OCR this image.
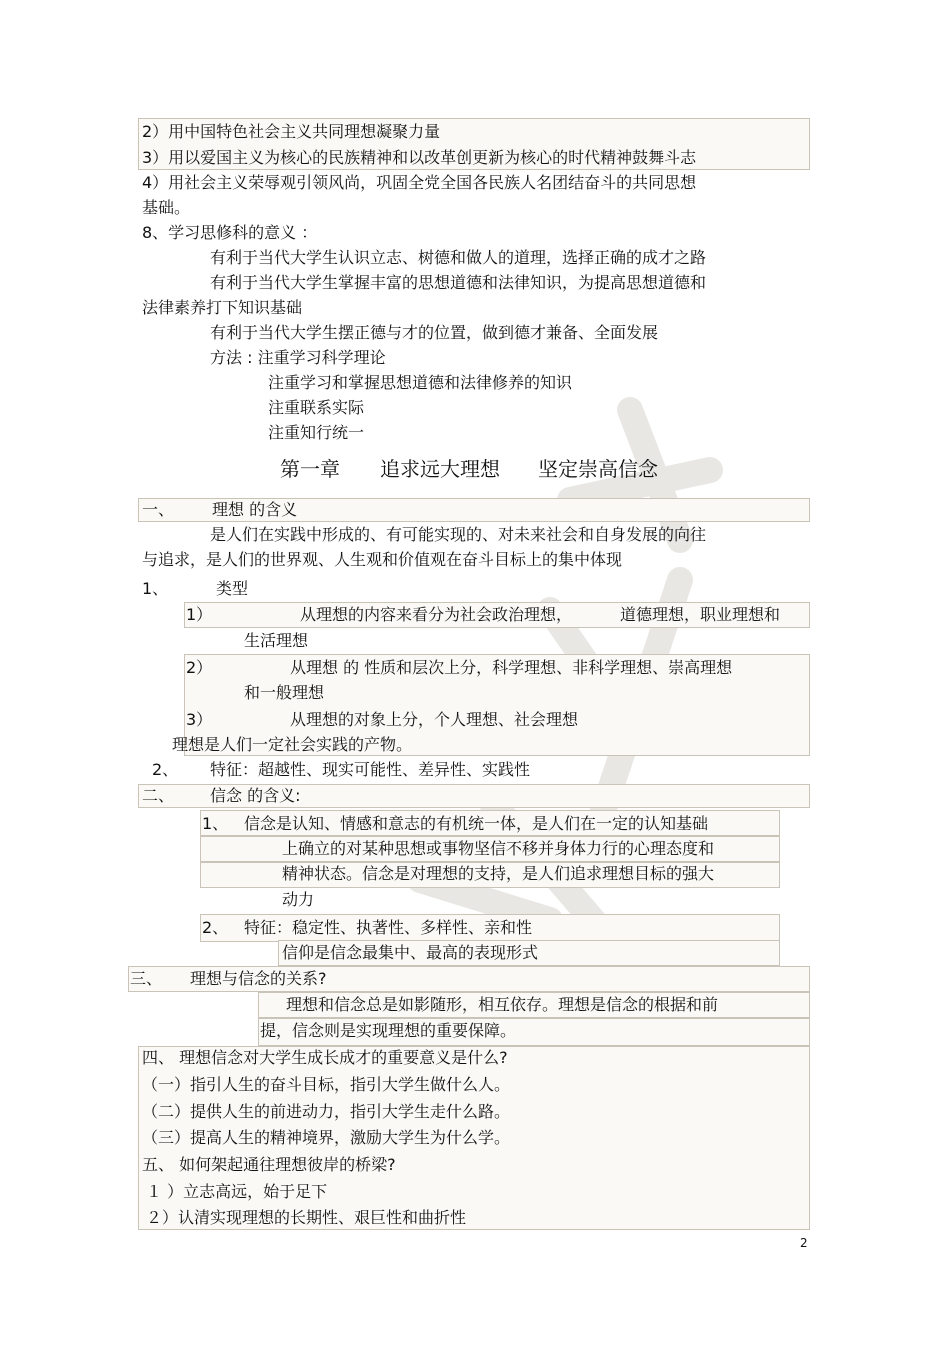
2）用中国特色社会主义共同理想凝聚力量
3）用以爱国主义为核心的民族精神和以改革创更新为核心的时代精神鼓舞斗志
4）用社会主义荣辱观引领风尚，巩固全党全国各民族人名团结奋斗的共同思想
基础。
8、学习思修科的意义 ：
有利于当代大学生认识立志、树德和做人的道理，选择正确的成才之路
有利于当代大学生掌握丰富的思想道德和法律知识，为提高思想道德和
法律素养打下知识基础
有利于当代大学生摆正德与才的位置，做到德才兼备、全面发展
方法 : 注重学习科学理论
注重学习和掌握思想道德和法律修养的知识
注重联系实际
注重知行统一
第一章 追求远大理想 坚定崇高信念
一、 理想 的含义
是人们在实践中形成的、有可能实现的、对未来社会和自身发展的向往
与追求，是人们的世界观、人生观和价值观在奋斗目标上的集中体现
1、	类型
1）	从理想的内容来看分为社会政治理想，	道德理想，职业理想和
生活理想
2）	从理想 的 性质和层次上分，科学理想、非科学理想、崇高理想
和一般理想
3）	从理想的对象上分，个人理想、社会理想
理想是人们一定社会实践的产物。
2、 特征：超越性、现实可能性、差异性、实践性
二、 信念 的含义:
1、 信念是认知、情感和意志的有机统一体，是人们在一定的认知基础
上确立的对某种思想或事物坚信不移并身体力行的心理态度和
精神状态。信念是对理想的支持，是人们追求理想目标的强大
动力
2、 特征：稳定性、执著性、多样性、亲和性
信仰是信念最集中、最高的表现形式
三、 理想与信念的关系?
理想和信念总是如影随形，相互依存。理想是信念的根据和前
提，信念则是实现理想的重要保障。
四、 理想信念对大学生成长成才的重要意义是什么?
（一）指引人生的奋斗目标，指引大学生做什么人。
（二）提供人生的前进动力，指引大学生走什么路。
（三）提高人生的精神境界，激励大学生为什么学。
五、 如何架起通往理想彼岸的桥梁?
１ ）立志高远，始于足下
２）认清实现理想的长期性、艰巨性和曲折性
2
